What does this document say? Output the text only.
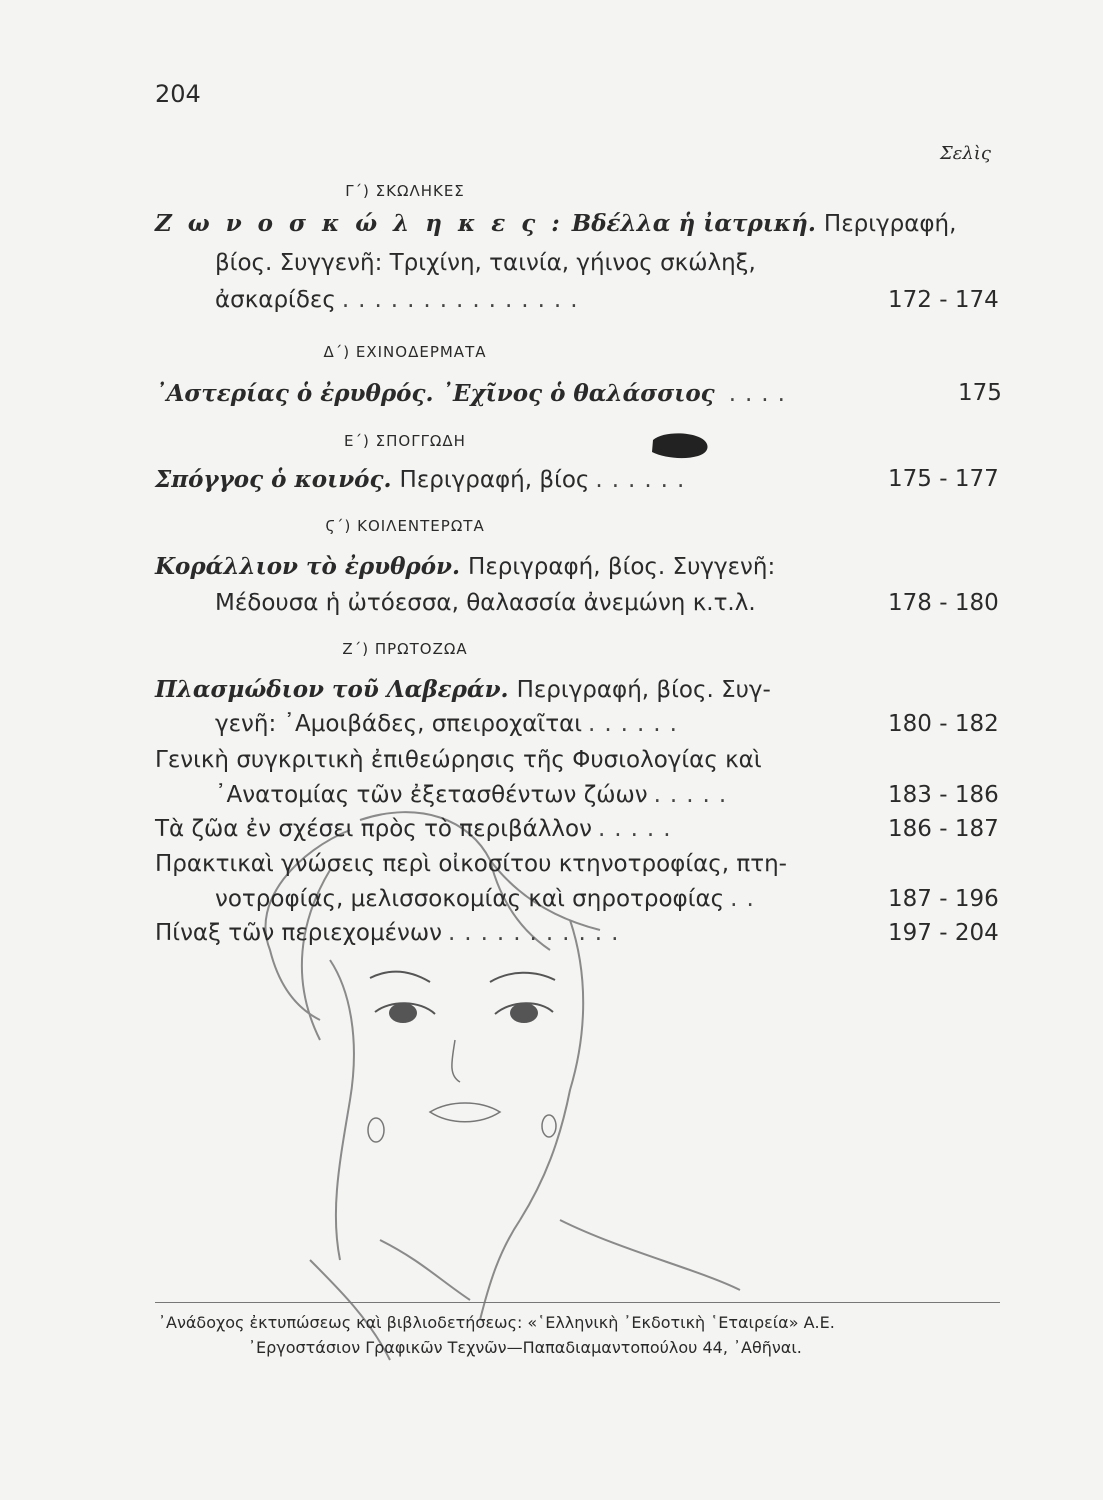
204
Σελὶς
Γ΄) ΣΚΩΛΗΚΕΣ
Ζ ω ν ο σ κ ώ λ η κ ε ς : Βδέλλα ἡ ἰατρική. Περιγραφή,
βίος. Συγγενῆ: Τριχίνη, ταινία, γήινος σκώληξ,
ἀσκαρίδες ...............	172 - 174
Δ΄) ΕΧΙΝΟΔΕΡΜΑΤΑ
᾿Αστερίας ὁ ἐρυθρός. ᾿Εχῖνος ὁ θαλάσσιος ....	175
Ε΄) ΣΠΟΓΓΩΔΗ
Σπόγγος ὁ κοινός. Περιγραφή, βίος ......	175 - 177
Ϛ΄) ΚΟΙΛΕΝΤΕΡΩΤΑ
Κοράλλιον τὸ ἐρυθρόν. Περιγραφή, βίος. Συγγενῆ:
Μέδουσα ἡ ὠτόεσσα, θαλασσία ἀνεμώνη κ.τ.λ.	178 - 180
Ζ΄) ΠΡΩΤΟΖΩΑ
Πλασμώδιον τοῦ Λαβεράν. Περιγραφή, βίος. Συγ-
γενῆ: ᾿Αμοιβάδες, σπειροχαῖται ......	180 - 182
Γενικὴ συγκριτικὴ ἐπιθεώρησις τῆς Φυσιολογίας καὶ
᾿Ανατομίας τῶν ἐξετασθέντων ζώων .....	183 - 186
Τὰ ζῶα ἐν σχέσει πρὸς τὸ περιβάλλον .....	186 - 187
Πρακτικαὶ γνώσεις περὶ οἰκοσίτου κτηνοτροφίας, πτη-
νοτροφίας, μελισσοκομίας καὶ σηροτροφίας ..	187 - 196
Πίναξ τῶν περιεχομένων ...........	197 - 204
᾿Ανάδοχος ἐκτυπώσεως καὶ βιβλιοδετήσεως: «῾Ελληνικὴ ᾿Εκδοτικὴ ῾Εταιρεία» Α.Ε.
᾿Εργοστάσιον Γραφικῶν Τεχνῶν—Παπαδιαμαντοπούλου 44, ᾿Αθῆναι.
